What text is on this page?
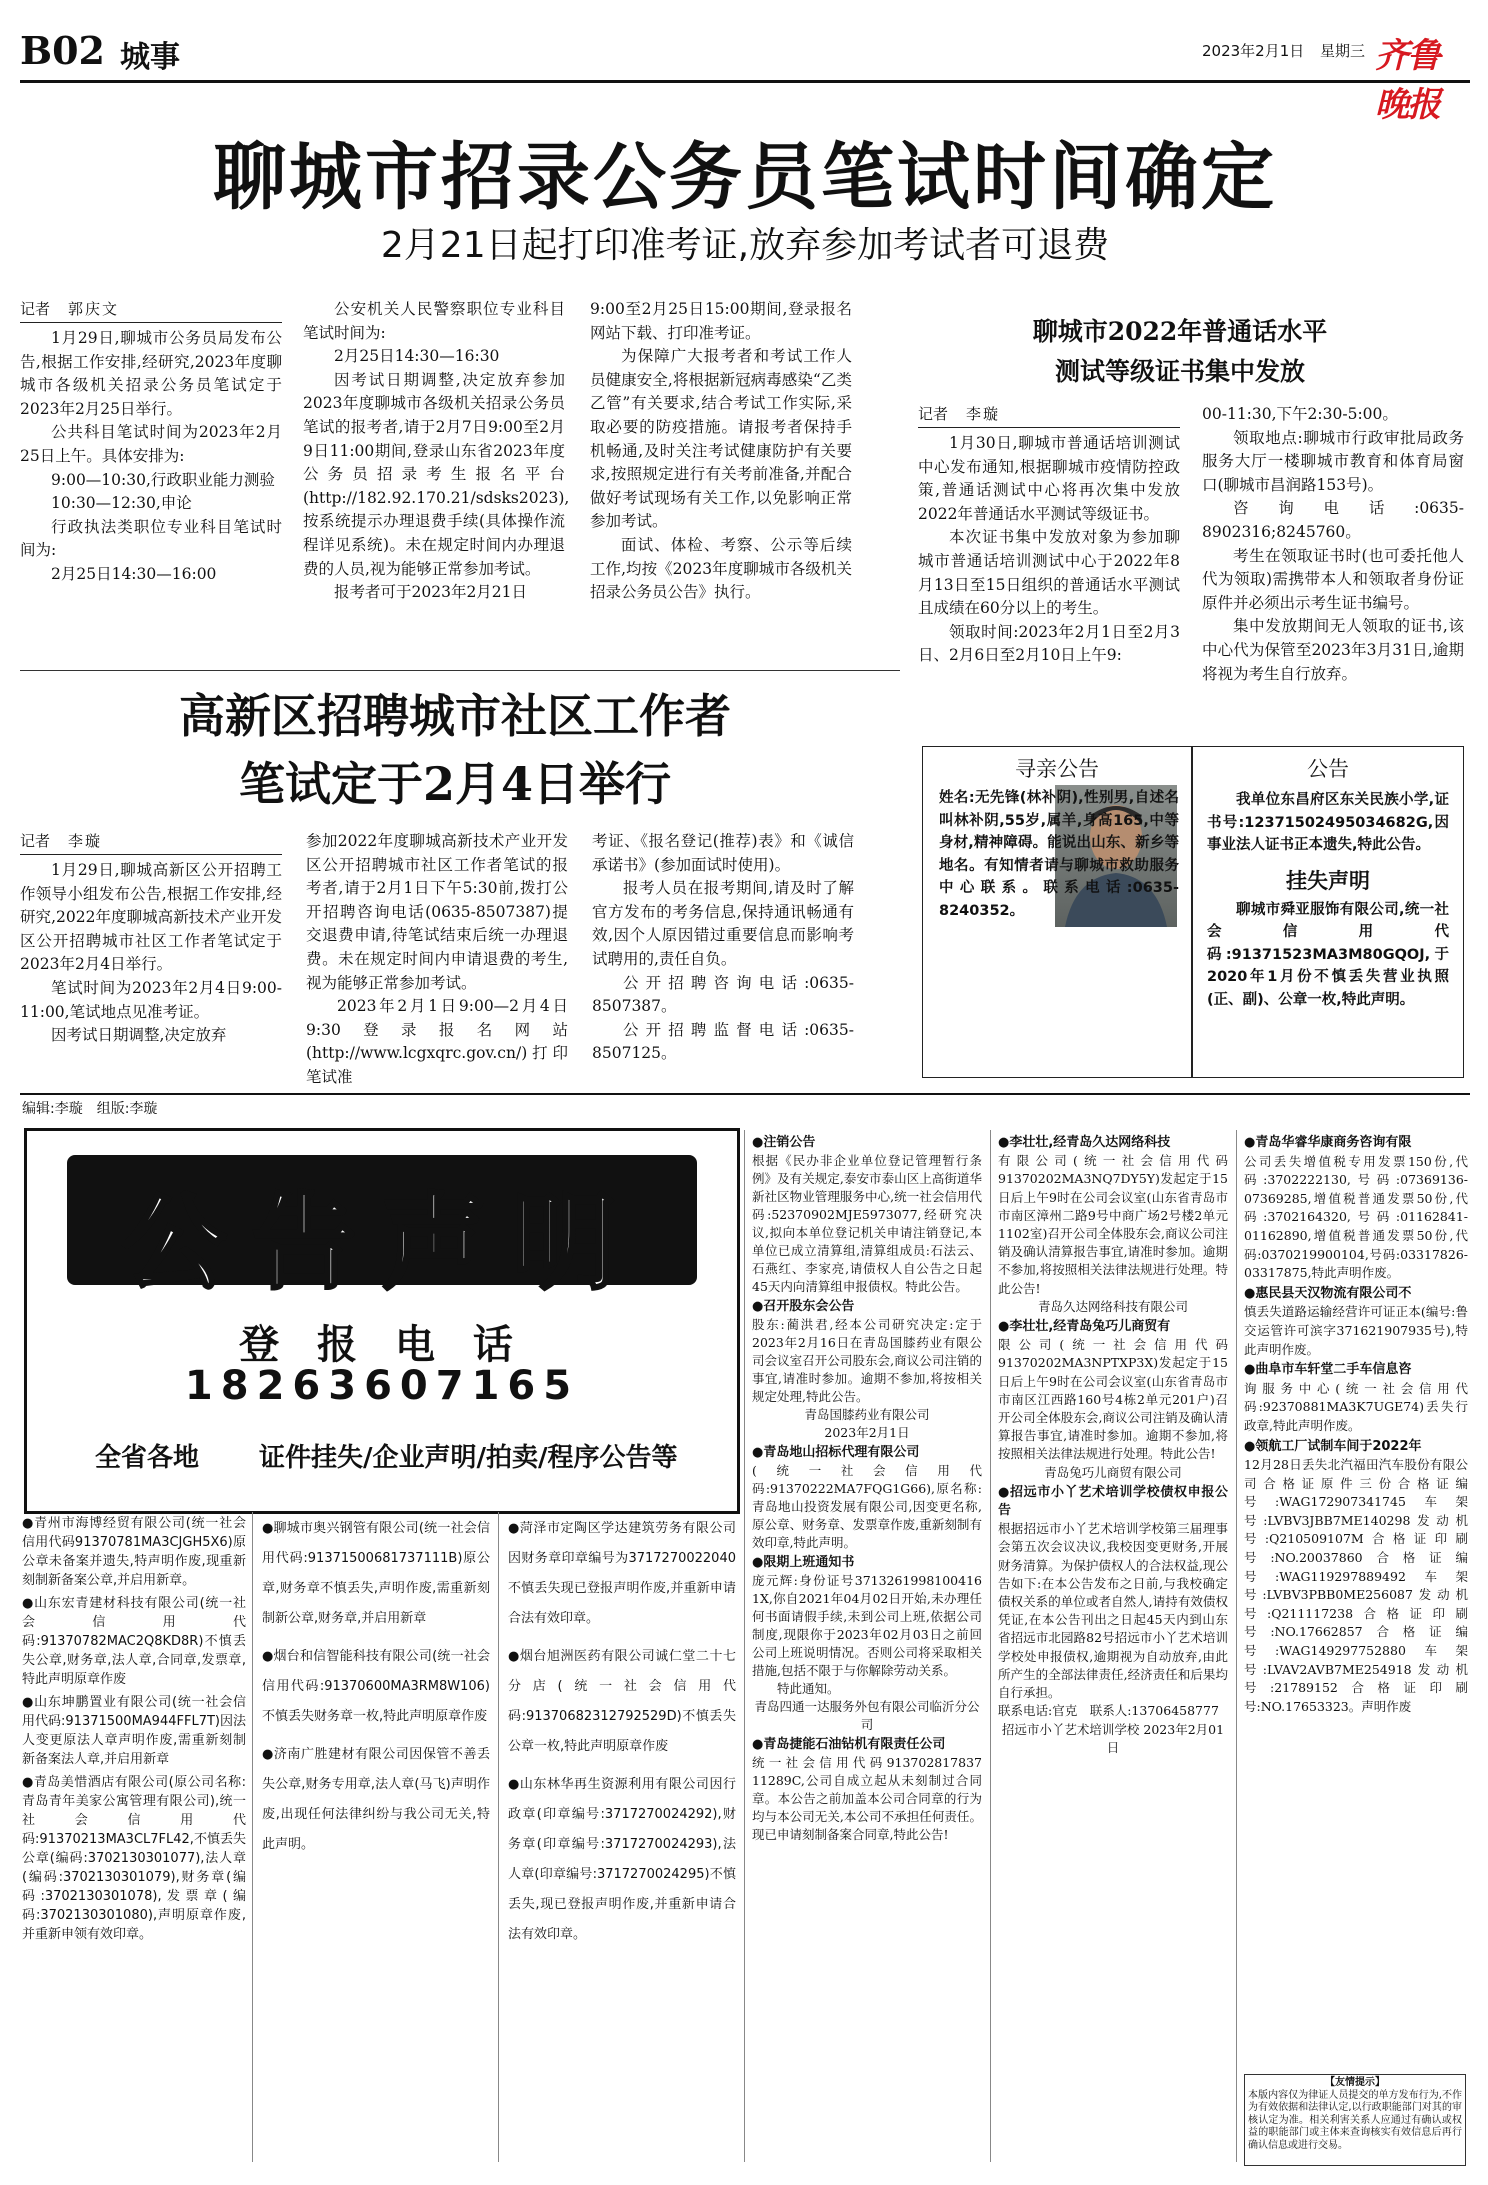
B02 城事	2023年2月1日 星期三 齐鲁晚报
聊城市招录公务员笔试时间确定
2月21日起打印准考证,放弃参加考试者可退费
记者 郭庆文

1月29日,聊城市公务员局发布公告,根据工作安排,经研究,2023年度聊城市各级机关招录公务员笔试定于2023年2月25日举行。

公共科目笔试时间为2023年2月25日上午。具体安排为:

9:00—10:30,行政职业能力测验

10:30—12:30,申论

行政执法类职位专业科目笔试时间为:

2月25日14:30—16:00

公安机关人民警察职位专业科目笔试时间为:

2月25日14:30—16:30

因考试日期调整,决定放弃参加2023年度聊城市各级机关招录公务员笔试的报考者,请于2月7日9:00至2月9日11:00期间,登录山东省2023年度公务员招录考生报名平台(http://182.92.170.21/sdsks2023),按系统提示办理退费手续(具体操作流程详见系统)。未在规定时间内办理退费的人员,视为能够正常参加考试。

报考者可于2023年2月21日

9:00至2月25日15:00期间,登录报名网站下载、打印准考证。

为保障广大报考者和考试工作人员健康安全,将根据新冠病毒感染“乙类乙管”有关要求,结合考试工作实际,采取必要的防疫措施。请报考者保持手机畅通,及时关注考试健康防护有关要求,按照规定进行有关考前准备,并配合做好考试现场有关工作,以免影响正常参加考试。

面试、体检、考察、公示等后续工作,均按《2023年度聊城市各级机关招录公务员公告》执行。

聊城市2022年普通话水平
测试等级证书集中发放
记者 李璇

1月30日,聊城市普通话培训测试中心发布通知,根据聊城市疫情防控政策,普通话测试中心将再次集中发放2022年普通话水平测试等级证书。

本次证书集中发放对象为参加聊城市普通话培训测试中心于2022年8月13日至15日组织的普通话水平测试且成绩在60分以上的考生。

领取时间:2023年2月1日至2月3日、2月6日至2月10日上午9:

00-11:30,下午2:30-5:00。

领取地点:聊城市行政审批局政务服务大厅一楼聊城市教育和体育局窗口(聊城市昌润路153号)。

咨询电话:0635-8902316;8245760。

考生在领取证书时(也可委托他人代为领取)需携带本人和领取者身份证原件并必须出示考生证书编号。

集中发放期间无人领取的证书,该中心代为保管至2023年3月31日,逾期将视为考生自行放弃。

高新区招聘城市社区工作者
笔试定于2月4日举行
记者 李璇

1月29日,聊城高新区公开招聘工作领导小组发布公告,根据工作安排,经研究,2022年度聊城高新技术产业开发区公开招聘城市社区工作者笔试定于2023年2月4日举行。

笔试时间为2023年2月4日9:00-11:00,笔试地点见准考证。

因考试日期调整,决定放弃

参加2022年度聊城高新技术产业开发区公开招聘城市社区工作者笔试的报考者,请于2月1日下午5:30前,拨打公开招聘咨询电话(0635-8507387)提交退费申请,待笔试结束后统一办理退费。未在规定时间内申请退费的考生,视为能够正常参加考试。

2023年2月1日9:00—2月4日9:30登录报名网站(http://www.lcgxqrc.gov.cn/)打印笔试准

考证、《报名登记(推荐)表》和《诚信承诺书》(参加面试时使用)。

报考人员在报考期间,请及时了解官方发布的考务信息,保持通讯畅通有效,因个人原因错过重要信息而影响考试聘用的,责任自负。

公开招聘咨询电话:0635-8507387。

公开招聘监督电话:0635-8507125。

寻亲公告
姓名:无先锋(林补阴),性别男,自述名叫林补阴,55岁,属羊,身高165,中等身材,精神障碍。能说出山东、新乡等地名。有知情者请与聊城市救助服务中心联系。联系电话:0635-8240352。
公告
我单位东昌府区东关民族小学,证书号:12371502495034682G,因事业法人证书正本遗失,特此公告。
挂失声明
聊城市舜亚服饰有限公司,统一社会信用代码:91371523MA3M80GQOJ,于2020年1月份不慎丢失营业执照(正、副)、公章一枚,特此声明。
编辑:李璇　组版:李璇
公告声明
登 报 电 话
18263607165
全省各地 证件挂失/企业声明/拍卖/程序公告等

●青州市海博经贸有限公司(统一社会信用代码91370781MA3CJGH5X6)原公章未备案并遗失,特声明作废,现重新刻制新备案公章,并启用新章。

●山东宏青建材科技有限公司(统一社会信用代码:91370782MAC2Q8KD8R)不慎丢失公章,财务章,法人章,合同章,发票章,特此声明原章作废

●山东坤鹏置业有限公司(统一社会信用代码:91371500MA944FFL7T)因法人变更原法人章声明作废,需重新刻制新备案法人章,并启用新章

●青岛美惜酒店有限公司(原公司名称:青岛青年美家公寓管理有限公司),统一社会信用代码:91370213MA3CL7FL42,不慎丢失公章(编码:3702130301077),法人章(编码:3702130301079),财务章(编码:3702130301078),发票章(编码:3702130301080),声明原章作废,并重新申领有效印章。

●聊城市奥兴钢管有限公司(统一社会信用代码:91371500681737111B)原公章,财务章不慎丢失,声明作废,需重新刻制新公章,财务章,并启用新章

●烟台和信智能科技有限公司(统一社会信用代码:91370600MA3RM8W106)不慎丢失财务章一枚,特此声明原章作废

●济南广胜建材有限公司因保管不善丢失公章,财务专用章,法人章(马飞)声明作废,出现任何法律纠纷与我公司无关,特此声明。

●菏泽市定陶区学达建筑劳务有限公司因财务章印章编号为3717270022040不慎丢失现已登报声明作废,并重新申请合法有效印章。

●烟台旭洲医药有限公司诚仁堂二十七分店(统一社会信用代码:9137068231279252​9D)不慎丢失公章一枚,特此声明原章作废

●山东林华再生资源利用有限公司因行政章(印章编号:3717270024292),财务章(印章编号:3717270024293),法人章(印章编号:3717270024295)不慎丢失,现已登报声明作废,并重新申请合法有效印章。

●注销公告

根据《民办非企业单位登记管理暂行条例》及有关规定,泰安市泰山区上高街道华新社区物业管理服务中心,统一社会信用代码:52370902MJE5973077,经研究决议,拟向本单位登记机关申请注销登记,本单位已成立清算组,清算组成员:石法云、石燕红、李家亮,请债权人自公告之日起45天内向清算组申报债权。特此公告。

●召开股东会公告

股东:蔺洪君,经本公司研究决定:定于2023年2月16日在青岛国膝药业有限公司会议室召开公司股东会,商议公司注销的事宜,请准时参加。逾期不参加,将按相关规定处理,特此公告。

青岛国膝药业有限公司

2023年2月1日

●青岛地山招标代理有限公司

(统一社会信用代码:91370222MA7FQG1G66),原名称:青岛地山投资发展有限公司,因变更名称,原公章、财务章、发票章作废,重新刻制有效印章,特此声明。

●限期上班通知书

庞元辉:身份证号3713261998100416​1X,你自2021年04月02日开始,未办理任何书面请假手续,未到公司上班,依据公司制度,现限你于2023年02月03日之前回公司上班说明情况。否则公司将采取相关措施,包括不限于与你解除劳动关系。

特此通知。

青岛四通一达服务外包有限公司临沂分公司

●青岛捷能石油钻机有限责任公司

统一社会信用代码913702817837​11289C,公司自成立起从未刻制过合同章。本公告之前加盖本公司合同章的行为均与本公司无关,本公司不承担任何责任。现已申请刻制备案合同章,特此公告!

●李壮壮,经青岛久达网络科技

有限公司(统一社会信用代码91370202MA3NQ7DY5Y)发起定于15日后上午9时在公司会议室(山东省青岛市市南区漳州二路9号中商广场2号楼2单元1102室)召开公司全体股东会,商议公司注销及确认清算报告事宜,请准时参加。逾期不参加,将按照相关法律法规进行处理。特此公告!

青岛久达网络科技有限公司

●李壮壮,经青岛兔巧儿商贸有

限公司(统一社会信用代码91370202MA3NPTXP3X)发起定于15日后上午9时在公司会议室(山东省青岛市市南区江西路160号4栋2单元201户)召开公司全体股东会,商议公司注销及确认清算报告事宜,请准时参加。逾期不参加,将按照相关法律法规进行处理。特此公告!

青岛兔巧儿商贸有限公司

●招远市小丫艺术培训学校债权申报公告

根据招远市小丫艺术培训学校第三届理事会第五次会议决议,我校因变更财务,开展财务清算。为保护债权人的合法权益,现公告如下:在本公告发布之日前,与我校确定债权关系的单位或者自然人,请持有效债权凭证,在本公告刊出之日起45天内到山东省招远市北园路82号招远市小丫艺术培训学校处申报债权,逾期视为自动放弃,由此所产生的全部法律责任,经济责任和后果均自行承担。

联系电话:官克　联系人:13706458777

招远市小丫艺术培训学校 2023年2月01日

●青岛华睿华康商务咨询有限

公司丢失增值税专用发票150份,代码:3702222130,号码:07369136-07369285,增值税普通发票50份,代码:3702164320,号码:01162841-01162890,增值税普通发票50份,代码:0370219900104,号码:03317826-03317875,特此声明作废。

●惠民县天汉物流有限公司不

慎丢失道路运输经营许可证正本(编号:鲁交运管许可滨字371621907935号),特此声明作废。

●曲阜市车轩堂二手车信息咨

询服务中心(统一社会信用代码:92370881MA3K7UGE74)丢失行政章,特此声明作废。

●领航工厂试制车间于2022年

12月28日丢失北汽福田汽车股份有限公司合格证原件三份合格证编号:WAG172907341745车架号:LVBV3JBB7ME140298发动机号:Q210509107M合格证印刷号:NO.20037860合格证编号:WAG119297889492车架号:LVBV3PBB0ME256087发动机号:Q211117238合格证印刷号:NO.17662857合格证编号:WAG149297752880车架号:LVAV2AVB7ME254918发动机号:21789152合格证印刷号:NO.17653323。声明作废

【友情提示】
本版内容仅为律证人员提交的单方发布行为,不作为有效依据和法律认定,以行政职能部门对其的审核认定为准。相关利害关系人应通过有确认或权益的职能部门或主体来查询核实有效信息后再行确认信息或进行交易。
